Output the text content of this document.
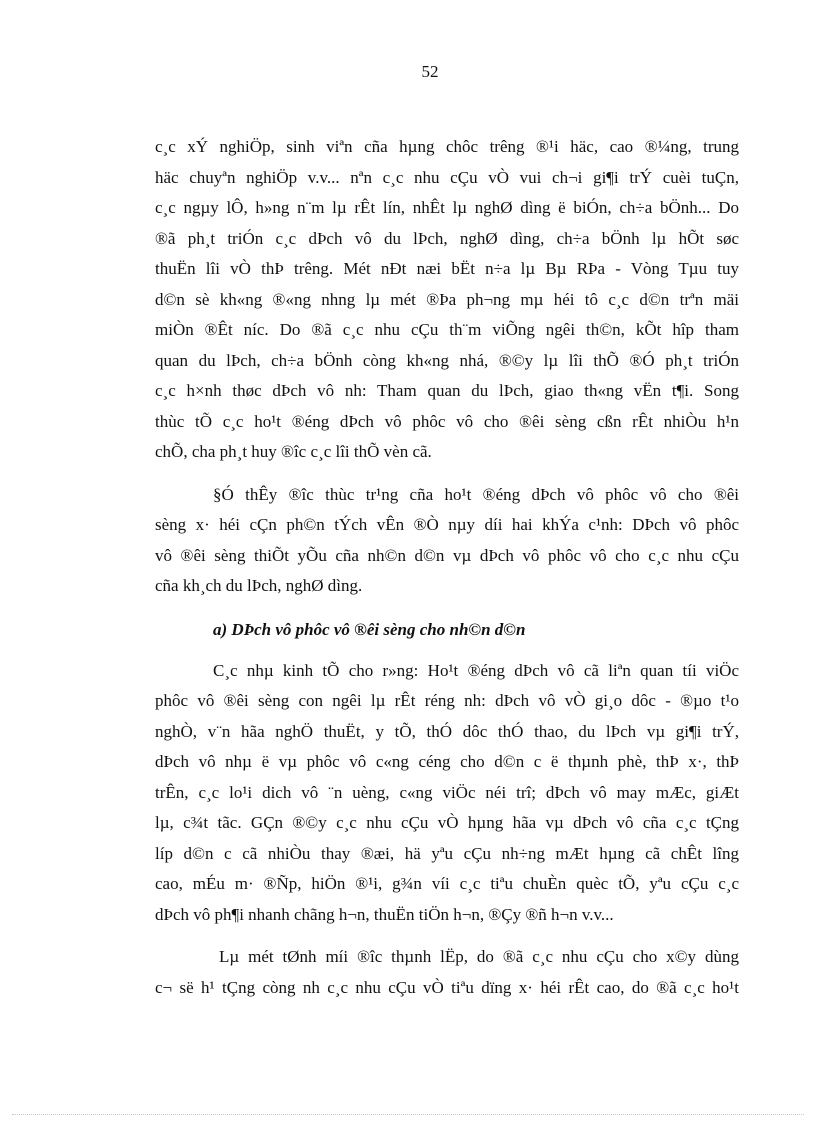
52

c¸c xÝ nghiÖp, sinh viªn cña hµng chôc trêng ®¹i häc, cao ®¼ng, trung

häc chuyªn nghiÖp v.v... nªn c¸c nhu cÇu vÒ vui ch¬i gi¶i trÝ cuèi tuÇn,

c¸c ngµy lÔ, h»ng n¨m lµ rÊt lín, nhÊt lµ nghØ dìng ë biÓn, ch÷a bÖnh... Do

®ã ph¸t triÓn c¸c dÞch vô du lÞch, nghØ dìng, ch÷a bÖnh lµ hÕt søc

thuËn lîi vÒ thÞ trêng. Mét nÐt næi bËt n÷a lµ Bµ RÞa - Vòng Tµu tuy

d©n sè kh«ng ®«ng nhng lµ mét ®Þa ph¬ng mµ héi tô c¸c d©n trªn mäi

miÒn ®Êt níc. Do ®ã c¸c nhu cÇu th¨m viÕng ngêi th©n, kÕt hîp tham

quan du lÞch, ch÷a bÖnh còng kh«ng nhá, ®©y lµ lîi thÕ ®Ó ph¸t triÓn

c¸c h×nh thøc dÞch vô nh: Tham quan du lÞch, giao th«ng vËn t¶i. Song

thùc tÕ c¸c ho¹t ®éng dÞch vô phôc vô cho ®êi sèng cßn rÊt nhiÒu h¹n

chÕ, cha ph¸t huy ®îc c¸c lîi thÕ vèn cã.

§Ó thÊy ®îc thùc tr¹ng cña ho¹t ®éng dÞch vô phôc vô cho ®êi

sèng x· héi cÇn ph©n tÝch vÊn ®Ò nµy díi hai khÝa c¹nh: DÞch vô phôc

vô ®êi sèng thiÕt yÕu cña nh©n d©n vµ dÞch vô phôc vô cho c¸c nhu cÇu

cña kh¸ch du lÞch, nghØ dìng.

a) DÞch vô phôc vô ®êi sèng cho nh©n d©n

C¸c nhµ kinh tÕ cho r»ng: Ho¹t ®éng dÞch vô cã liªn quan tíi viÖc

phôc vô ®êi sèng con ngêi lµ rÊt réng nh: dÞch vô vÒ gi¸o dôc - ®µo t¹o

nghÒ, v¨n hãa nghÖ thuËt, y tÕ, thÓ dôc thÓ thao, du lÞch vµ gi¶i trÝ,

dÞch vô nhµ ë vµ phôc vô c«ng céng cho d©n c ë thµnh phè, thÞ x·, thÞ

trÊn, c¸c lo¹i dich vô ¨n uèng, c«ng viÖc néi trî; dÞch vô may mÆc, giÆt

lµ, c¾t tãc. GÇn ®©y c¸c nhu cÇu vÒ hµng hãa vµ dÞch vô cña c¸c tÇng

líp d©n c cã nhiÒu thay ®æi, hä yªu cÇu nh÷ng mÆt hµng cã chÊt lîng

cao, mÉu m· ®Ñp, hiÖn ®¹i, g¾n víi c¸c tiªu chuÈn quèc tÕ, yªu cÇu c¸c

dÞch vô ph¶i nhanh chãng h¬n, thuËn tiÖn h¬n, ®Çy ®ñ h¬n v.v...

Lµ mét tØnh míi ®îc thµnh lËp, do ®ã c¸c nhu cÇu cho x©y dùng

c¬ së h¹ tÇng còng nh c¸c nhu cÇu vÒ tiªu dïng x· héi rÊt cao, do ®ã c¸c ho¹t
